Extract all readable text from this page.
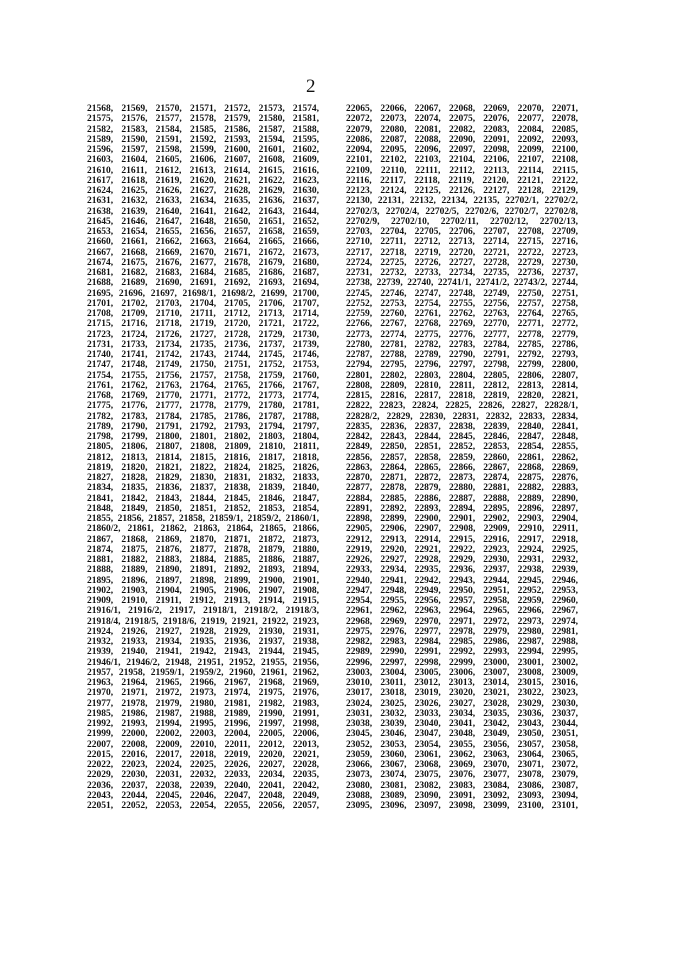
2
21568, 21569, 21570, 21571, 21572, 21573, 21574,
21575, 21576, 21577, 21578, 21579, 21580, 21581,
21582, 21583, 21584, 21585, 21586, 21587, 21588,
21589, 21590, 21591, 21592, 21593, 21594, 21595,
21596, 21597, 21598, 21599, 21600, 21601, 21602,
21603, 21604, 21605, 21606, 21607, 21608, 21609,
21610, 21611, 21612, 21613, 21614, 21615, 21616,
21617, 21618, 21619, 21620, 21621, 21622, 21623,
21624, 21625, 21626, 21627, 21628, 21629, 21630,
21631, 21632, 21633, 21634, 21635, 21636, 21637,
21638, 21639, 21640, 21641, 21642, 21643, 21644,
21645, 21646, 21647, 21648, 21650, 21651, 21652,
21653, 21654, 21655, 21656, 21657, 21658, 21659,
21660, 21661, 21662, 21663, 21664, 21665, 21666,
21667, 21668, 21669, 21670, 21671, 21672, 21673,
21674, 21675, 21676, 21677, 21678, 21679, 21680,
21681, 21682, 21683, 21684, 21685, 21686, 21687,
21688, 21689, 21690, 21691, 21692, 21693, 21694,
21695, 21696, 21697, 21698/1, 21698/2, 21699, 21700,
21701, 21702, 21703, 21704, 21705, 21706, 21707,
21708, 21709, 21710, 21711, 21712, 21713, 21714,
21715, 21716, 21718, 21719, 21720, 21721, 21722,
21723, 21724, 21726, 21727, 21728, 21729, 21730,
21731, 21733, 21734, 21735, 21736, 21737, 21739,
21740, 21741, 21742, 21743, 21744, 21745, 21746,
21747, 21748, 21749, 21750, 21751, 21752, 21753,
21754, 21755, 21756, 21757, 21758, 21759, 21760,
21761, 21762, 21763, 21764, 21765, 21766, 21767,
21768, 21769, 21770, 21771, 21772, 21773, 21774,
21775, 21776, 21777, 21778, 21779, 21780, 21781,
21782, 21783, 21784, 21785, 21786, 21787, 21788,
21789, 21790, 21791, 21792, 21793, 21794, 21797,
21798, 21799, 21800, 21801, 21802, 21803, 21804,
21805, 21806, 21807, 21808, 21809, 21810, 21811,
21812, 21813, 21814, 21815, 21816, 21817, 21818,
21819, 21820, 21821, 21822, 21824, 21825, 21826,
21827, 21828, 21829, 21830, 21831, 21832, 21833,
21834, 21835, 21836, 21837, 21838, 21839, 21840,
21841, 21842, 21843, 21844, 21845, 21846, 21847,
21848, 21849, 21850, 21851, 21852, 21853, 21854,
21855, 21856, 21857, 21858, 21859/1, 21859/2, 21860/1,
21860/2, 21861, 21862, 21863, 21864, 21865, 21866,
21867, 21868, 21869, 21870, 21871, 21872, 21873,
21874, 21875, 21876, 21877, 21878, 21879, 21880,
21881, 21882, 21883, 21884, 21885, 21886, 21887,
21888, 21889, 21890, 21891, 21892, 21893, 21894,
21895, 21896, 21897, 21898, 21899, 21900, 21901,
21902, 21903, 21904, 21905, 21906, 21907, 21908,
21909, 21910, 21911, 21912, 21913, 21914, 21915,
21916/1, 21916/2, 21917, 21918/1, 21918/2, 21918/3,
21918/4, 21918/5, 21918/6, 21919, 21921, 21922, 21923,
21924, 21926, 21927, 21928, 21929, 21930, 21931,
21932, 21933, 21934, 21935, 21936, 21937, 21938,
21939, 21940, 21941, 21942, 21943, 21944, 21945,
21946/1, 21946/2, 21948, 21951, 21952, 21955, 21956,
21957, 21958, 21959/1, 21959/2, 21960, 21961, 21962,
21963, 21964, 21965, 21966, 21967, 21968, 21969,
21970, 21971, 21972, 21973, 21974, 21975, 21976,
21977, 21978, 21979, 21980, 21981, 21982, 21983,
21985, 21986, 21987, 21988, 21989, 21990, 21991,
21992, 21993, 21994, 21995, 21996, 21997, 21998,
21999, 22000, 22002, 22003, 22004, 22005, 22006,
22007, 22008, 22009, 22010, 22011, 22012, 22013,
22015, 22016, 22017, 22018, 22019, 22020, 22021,
22022, 22023, 22024, 22025, 22026, 22027, 22028,
22029, 22030, 22031, 22032, 22033, 22034, 22035,
22036, 22037, 22038, 22039, 22040, 22041, 22042,
22043, 22044, 22045, 22046, 22047, 22048, 22049,
22051, 22052, 22053, 22054, 22055, 22056, 22057,
22065, 22066, 22067, 22068, 22069, 22070, 22071,
22072, 22073, 22074, 22075, 22076, 22077, 22078,
22079, 22080, 22081, 22082, 22083, 22084, 22085,
22086, 22087, 22088, 22090, 22091, 22092, 22093,
22094, 22095, 22096, 22097, 22098, 22099, 22100,
22101, 22102, 22103, 22104, 22106, 22107, 22108,
22109, 22110, 22111, 22112, 22113, 22114, 22115,
22116, 22117, 22118, 22119, 22120, 22121, 22122,
22123, 22124, 22125, 22126, 22127, 22128, 22129,
22130, 22131, 22132, 22134, 22135, 22702/1, 22702/2,
22702/3, 22702/4, 22702/5, 22702/6, 22702/7, 22702/8,
22702/9, 22702/10, 22702/11, 22702/12, 22702/13,
22703, 22704, 22705, 22706, 22707, 22708, 22709,
22710, 22711, 22712, 22713, 22714, 22715, 22716,
22717, 22718, 22719, 22720, 22721, 22722, 22723,
22724, 22725, 22726, 22727, 22728, 22729, 22730,
22731, 22732, 22733, 22734, 22735, 22736, 22737,
22738, 22739, 22740, 22741/1, 22741/2, 22743/2, 22744,
22745, 22746, 22747, 22748, 22749, 22750, 22751,
22752, 22753, 22754, 22755, 22756, 22757, 22758,
22759, 22760, 22761, 22762, 22763, 22764, 22765,
22766, 22767, 22768, 22769, 22770, 22771, 22772,
22773, 22774, 22775, 22776, 22777, 22778, 22779,
22780, 22781, 22782, 22783, 22784, 22785, 22786,
22787, 22788, 22789, 22790, 22791, 22792, 22793,
22794, 22795, 22796, 22797, 22798, 22799, 22800,
22801, 22802, 22803, 22804, 22805, 22806, 22807,
22808, 22809, 22810, 22811, 22812, 22813, 22814,
22815, 22816, 22817, 22818, 22819, 22820, 22821,
22822, 22823, 22824, 22825, 22826, 22827, 22828/1,
22828/2, 22829, 22830, 22831, 22832, 22833, 22834,
22835, 22836, 22837, 22838, 22839, 22840, 22841,
22842, 22843, 22844, 22845, 22846, 22847, 22848,
22849, 22850, 22851, 22852, 22853, 22854, 22855,
22856, 22857, 22858, 22859, 22860, 22861, 22862,
22863, 22864, 22865, 22866, 22867, 22868, 22869,
22870, 22871, 22872, 22873, 22874, 22875, 22876,
22877, 22878, 22879, 22880, 22881, 22882, 22883,
22884, 22885, 22886, 22887, 22888, 22889, 22890,
22891, 22892, 22893, 22894, 22895, 22896, 22897,
22898, 22899, 22900, 22901, 22902, 22903, 22904,
22905, 22906, 22907, 22908, 22909, 22910, 22911,
22912, 22913, 22914, 22915, 22916, 22917, 22918,
22919, 22920, 22921, 22922, 22923, 22924, 22925,
22926, 22927, 22928, 22929, 22930, 22931, 22932,
22933, 22934, 22935, 22936, 22937, 22938, 22939,
22940, 22941, 22942, 22943, 22944, 22945, 22946,
22947, 22948, 22949, 22950, 22951, 22952, 22953,
22954, 22955, 22956, 22957, 22958, 22959, 22960,
22961, 22962, 22963, 22964, 22965, 22966, 22967,
22968, 22969, 22970, 22971, 22972, 22973, 22974,
22975, 22976, 22977, 22978, 22979, 22980, 22981,
22982, 22983, 22984, 22985, 22986, 22987, 22988,
22989, 22990, 22991, 22992, 22993, 22994, 22995,
22996, 22997, 22998, 22999, 23000, 23001, 23002,
23003, 23004, 23005, 23006, 23007, 23008, 23009,
23010, 23011, 23012, 23013, 23014, 23015, 23016,
23017, 23018, 23019, 23020, 23021, 23022, 23023,
23024, 23025, 23026, 23027, 23028, 23029, 23030,
23031, 23032, 23033, 23034, 23035, 23036, 23037,
23038, 23039, 23040, 23041, 23042, 23043, 23044,
23045, 23046, 23047, 23048, 23049, 23050, 23051,
23052, 23053, 23054, 23055, 23056, 23057, 23058,
23059, 23060, 23061, 23062, 23063, 23064, 23065,
23066, 23067, 23068, 23069, 23070, 23071, 23072,
23073, 23074, 23075, 23076, 23077, 23078, 23079,
23080, 23081, 23082, 23083, 23084, 23086, 23087,
23088, 23089, 23090, 23091, 23092, 23093, 23094,
23095, 23096, 23097, 23098, 23099, 23100, 23101,
